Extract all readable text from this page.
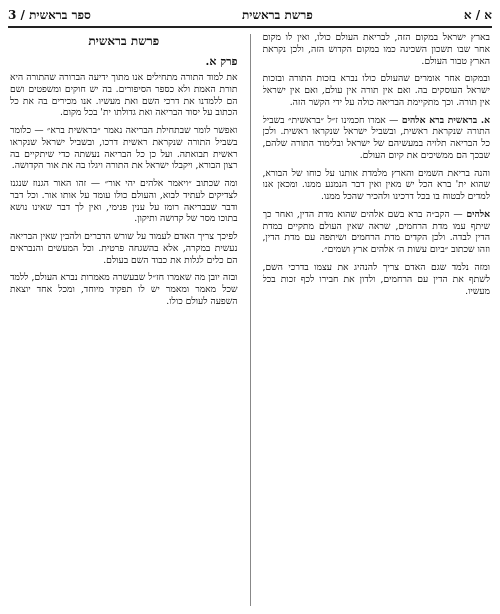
א / א
פרשת בראשית
ספר בראשית / 3
פרשת בראשית
פרק א.

את למוד התורה מתחילים אנו מתוך ידיעה הברורה שהתורה היא תורת האמת ולא כספר הסיפורים. בה יש חוקים ומשפטים ושם הם ללמדנו את דרכי השם ואת מעשיו. אנו מכירים בה את כל הכתוב על יסוד הבריאה ואת גדולתו ית' בכל מקום.

ואפשר לומר שבתחילת הבריאה נאמר ״בראשית ברא״ — כלומר בשביל התורה שנקראת ראשית דרכו, ובשביל ישראל שנקראו ראשית תבואתה. ועל כן כל הבריאה נעשתה כדי שיתקיים בה רצון הבורא, ויקבלו ישראל את התורה ויגלו בה את אור הקדושה.

ומה שכתוב ״ויאמר אלהים יהי אור״ — זהו האור הגנוז שנגנז לצדיקים לעתיד לבוא, והעולם כולו עומד על אותו אור. וכל דבר ודבר שבבריאה רומז על ענין פנימי, ואין לך דבר שאינו נושא בתוכו מסר של קדושה ותיקון.

לפיכך צריך האדם לעמוד על שורש הדברים ולהבין שאין הבריאה נעשית במקרה, אלא בהשגחה פרטית. וכל המעשים והנבראים הם כלים לגלות את כבוד השם בעולם.

ובזה יובן מה שאמרו חז״ל שבעשרה מאמרות נברא העולם, ללמד שכל מאמר ומאמר יש לו תפקיד מיוחד, ומכל אחד יוצאת השפעה לעולם כולו.

בארץ ישראל במקום הזה, לבריאת העולם כולו, ואין לו מקום אחר שבו תשכון השכינה כמו במקום הקדוש הזה, ולכן נקראת הארץ טבור העולם.

ובמקום אחר אומרים שהעולם כולו נברא בזכות התורה ובזכות ישראל העוסקים בה. ואם אין תורה אין עולם, ואם אין ישראל אין תורה. וכך מתקיימת הבריאה כולה על ידי הקשר הזה.

א. בראשית ברא אלהים — אמרו חכמינו ז״ל ״בראשית״ בשביל התורה שנקראת ראשית, ובשביל ישראל שנקראו ראשית. ולכן כל הבריאה תלויה במעשיהם של ישראל ובלימוד התורה שלהם, שבכך הם ממשיכים את קיום העולם.

והנה בריאת השמים והארץ מלמדת אותנו על כוחו של הבורא, שהוא ית' ברא הכל יש מאין ואין דבר הנמנע ממנו. ומכאן אנו למדים לבטוח בו בכל דרכינו ולהכיר שהכל ממנו.

אלהים — הקב״ה ברא בשם אלהים שהוא מדת הדין, ואחר כך שיתף עמו מדת הרחמים, שראה שאין העולם מתקיים במדת הדין לבדה. ולכן הקדים מדת הרחמים ושיתפה עם מדת הדין, וזהו שכתוב ״ביום עשות ה׳ אלהים ארץ ושמים״.

ומזה נלמד שגם האדם צריך להנהיג את עצמו בדרכי השם, לשתף את הדין עם הרחמים, ולדון את חבירו לכף זכות בכל מעשיו.
